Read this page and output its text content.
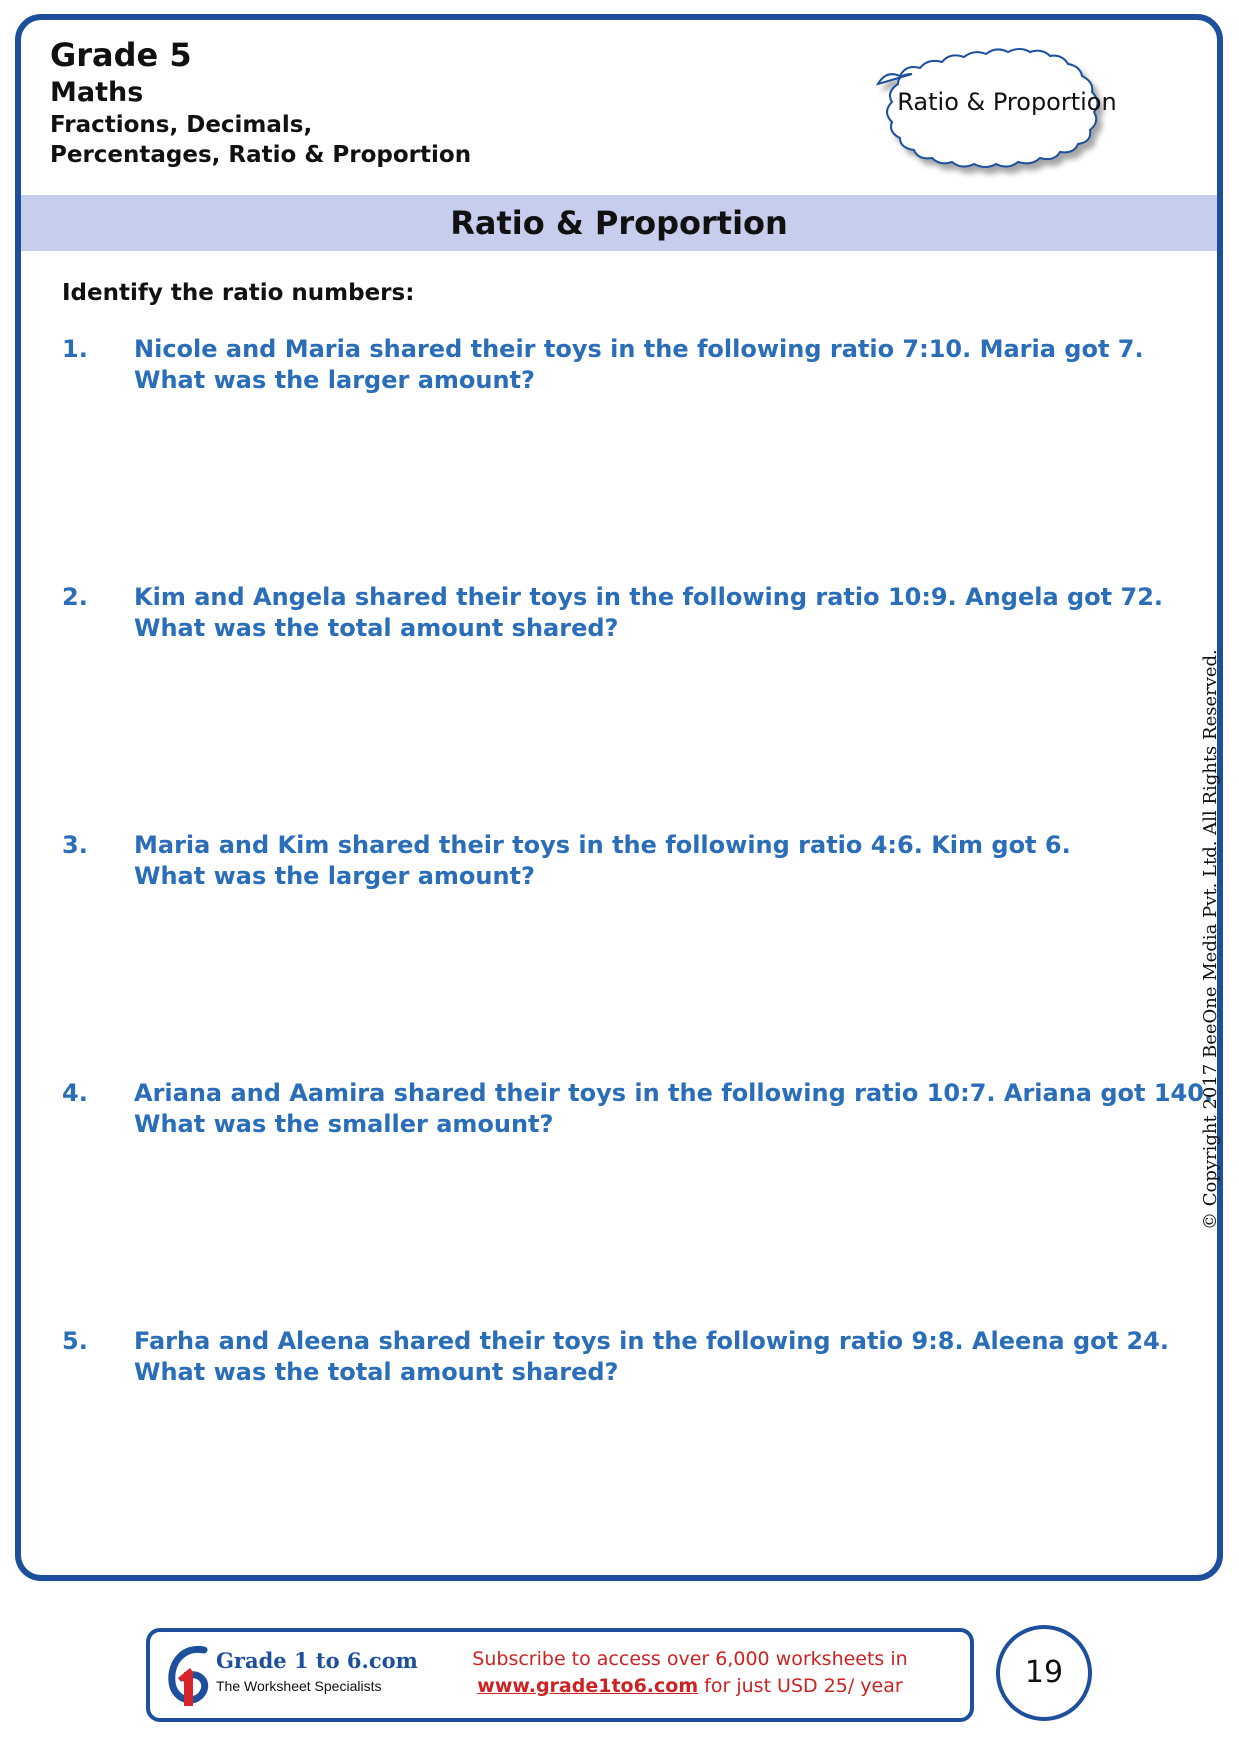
Grade 5
Maths
Fractions, Decimals,
Percentages, Ratio & Proportion
Ratio & Proportion
Ratio & Proportion
Identify the ratio numbers:
1.	Nicole and Maria shared their toys in the following ratio 7:10. Maria got 7.
What was the larger amount?
2.	Kim and Angela shared their toys in the following ratio 10:9. Angela got 72.
What was the total amount shared?
3.	Maria and Kim shared their toys in the following ratio 4:6. Kim got 6.
What was the larger amount?
4.	Ariana and Aamira shared their toys in the following ratio 10:7. Ariana got 140.
What was the smaller amount?
5.	Farha and Aleena shared their toys in the following ratio 9:8. Aleena got 24.
What was the total amount shared?
© Copyright 2017 BeeOne Media Pvt. Ltd. All Rights Reserved.
Grade 1 to 6.com
The Worksheet Specialists
Subscribe to access over 6,000 worksheets in
www.grade1to6.com for just USD 25/ year	19
